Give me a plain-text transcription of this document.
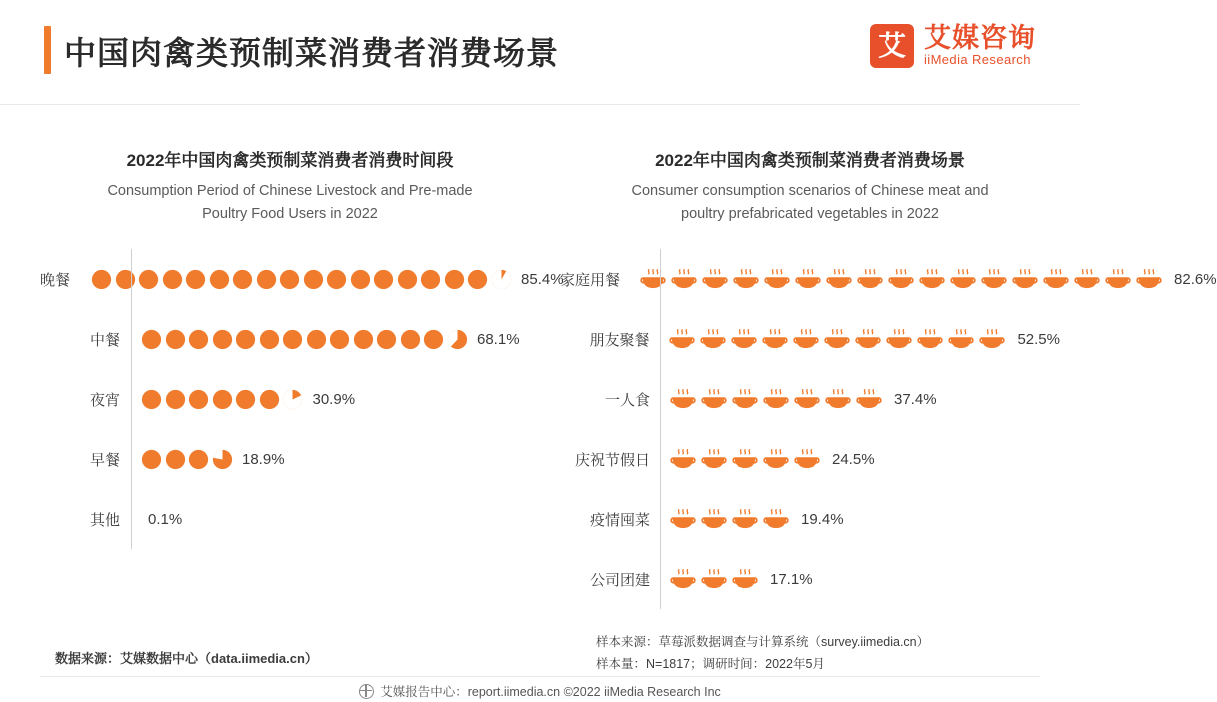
中国肉禽类预制菜消费者消费场景	艾 艾媒咨询
iiMedia Research
2022年中国肉禽类预制菜消费者消费时间段
Consumption Period of Chinese Livestock and Pre-made
Poultry Food Users in 2022
晚餐	85.4%
中餐	68.1%
夜宵	30.9%
早餐	18.9%
其他	0.1%
2022年中国肉禽类预制菜消费者消费场景
Consumer consumption scenarios of Chinese meat and
poultry prefabricated vegetables in 2022
家庭用餐	82.6%
朋友聚餐	52.5%
一人食	37.4%
庆祝节假日	24.5%
疫情囤菜	19.4%
公司团建	17.1%
数据来源：艾媒数据中心（data.iimedia.cn）
样本来源：草莓派数据调查与计算系统（survey.iimedia.cn）
样本量：N=1817；调研时间：2022年5月
艾媒报告中心：report.iimedia.cn ©2022 iiMedia Research Inc
